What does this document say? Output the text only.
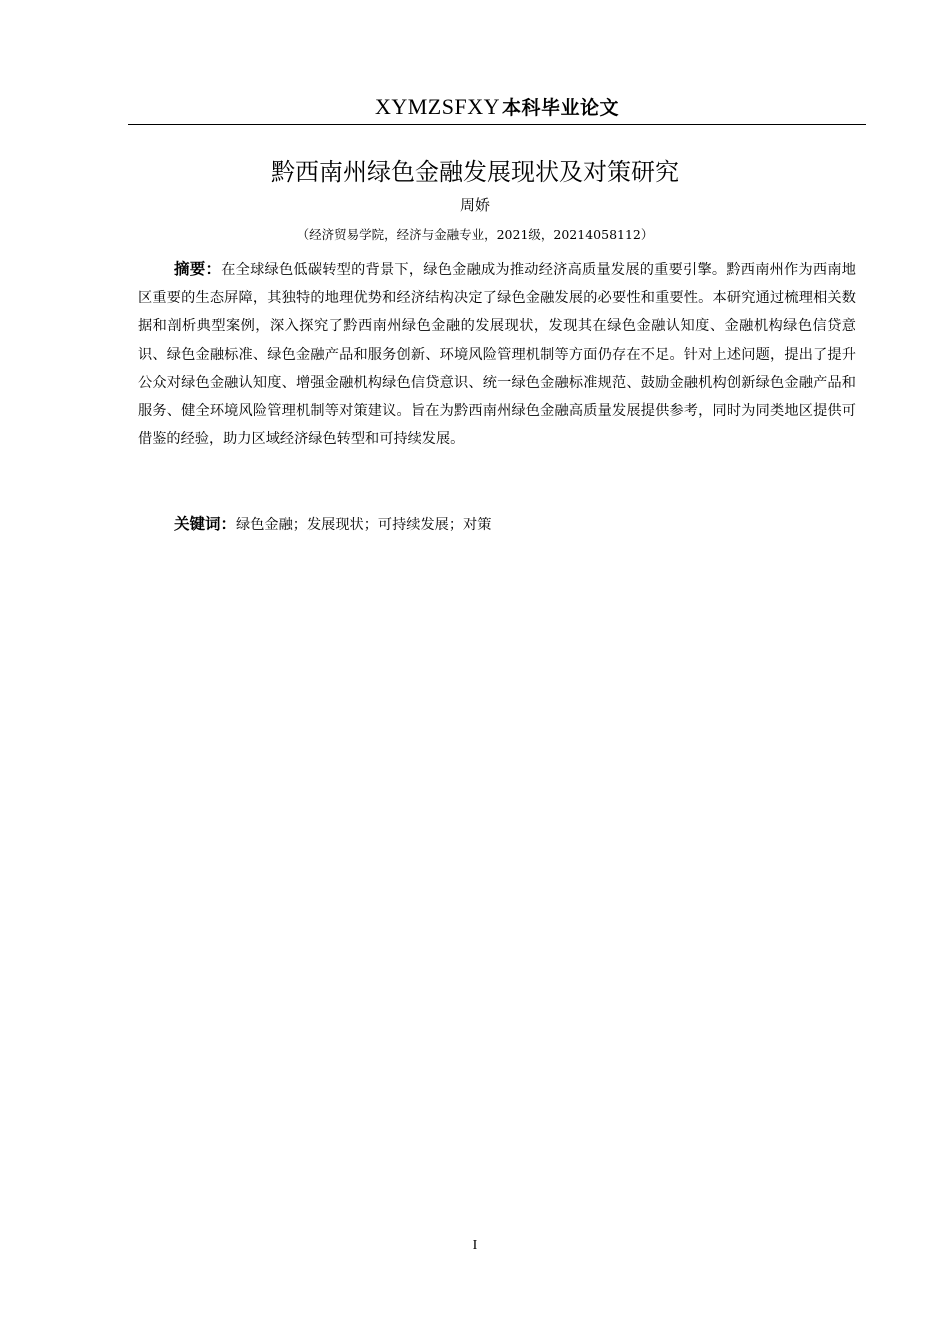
XYMZSFXY 本科毕业论文
黔西南州绿色金融发展现状及对策研究
周娇
（经济贸易学院，经济与金融专业，2021级，20214058112）

摘要：在全球绿色低碳转型的背景下，绿色金融成为推动经济高质量发展的重要引擎。黔西南州作为西南地区重要的生态屏障，其独特的地理优势和经济结构决定了绿色金融发展的必要性和重要性。本研究通过梳理相关数据和剖析典型案例，深入探究了黔西南州绿色金融的发展现状，发现其在绿色金融认知度、金融机构绿色信贷意识、绿色金融标准、绿色金融产品和服务创新、环境风险管理机制等方面仍存在不足。针对上述问题，提出了提升公众对绿色金融认知度、增强金融机构绿色信贷意识、统一绿色金融标准规范、鼓励金融机构创新绿色金融产品和服务、健全环境风险管理机制等对策建议。旨在为黔西南州绿色金融高质量发展提供参考，同时为同类地区提供可借鉴的经验，助力区域经济绿色转型和可持续发展。

关键词：绿色金融；发展现状；可持续发展；对策

I
